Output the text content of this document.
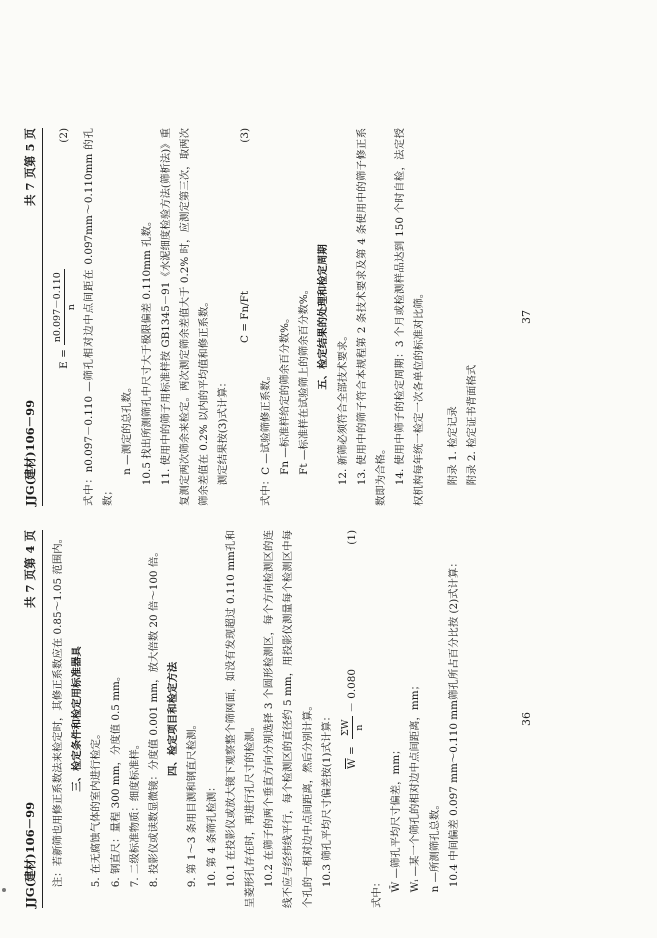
JJG(建材)106－99
共 7 页第 4 页	注：若新筛也用修正系数法来检定时，其修正系数应在 0.85～1.05 范围内。 三、检定条件和检定用标准器具

5. 在无腐蚀气体的室内进行检定。 6. 钢直尺：量程 300 mm，分度值 0.5 mm。 7. 二级标准物质：细度标准样。 8. 投影仪或读数显微镜：分度值 0.001 mm，放大倍数 20 倍～100 倍。 四、检定项目和检定方法

9. 第 1～3 条用目测和钢直尺检测。 10. 第 4 条筛孔检测： 10.1 在投影仪或放大镜下观察整个筛网面，如没有发现超过 0.110 mm孔和呈菱形孔存在时，再进行孔尺寸的检测。 10.2 在筛子的两个垂直方向分别选择 3 个圆形检测区，每个方向检测区的连线不应与经纬线平行，每个检测区的直径约 5 mm，用投影仪测量每个检测区中每个孔的一相对边中点间距离，然后分别计算。 10.3 筛孔平均尺寸偏差按(1)式计算：	$\overline{W}$
=
ΣW n
－ 0.080
(1)

式中：

W̄ —筛孔平均尺寸偏差，mm； Wᵢ —某一个筛孔的相对边中点间距离，mm； n —所测筛孔总数。 10.4 中间偏差 0.097 mm～0.110 mm筛孔所占百分比按 (2)式计算：	36
JJG(建材)106－99
共 7 页第 5 页
E =
n0.097－0.110 n
(2)	式中：n0.097－0.110 —筛孔相对边中点间距在 0.097mm～0.110mm 的孔数；

n —测定的总孔数。 10.5 找出所测筛孔中尺寸大于极限偏差 0.110mm 孔数。 11. 使用中的筛子用标准样按 GB1345－91《水泥细度检验方法(筛析法)》重复测定两次筛余来检定。两次测定筛余差值大于 0.2% 时，应测定第三次，取两次筛余差值在 0.2% 以内的平均值和修正系数。 测定结果按(3)式计算：

C = Fn/Ft
(3)

式中：C —试验筛修正系数。 Fn —标准样给定的筛余百分数%。 Ft —标准样在试验筛上的筛余百分数%。 五、检定结果的处理和检定周期

12. 新筛必须符合全部技术要求。 13. 使用中的筛子符合本规程第 2 条技术要求及第 4 条使用中的筛子修正系数即为合格。 14. 使用中筛子的检定周期：3 个月或检测样品达到 150 个时自检，法定授权机构每年统一检定一次各单位的标准对比筛。	附录 1. 检定记录 附录 2. 检定证书背面格式

37
